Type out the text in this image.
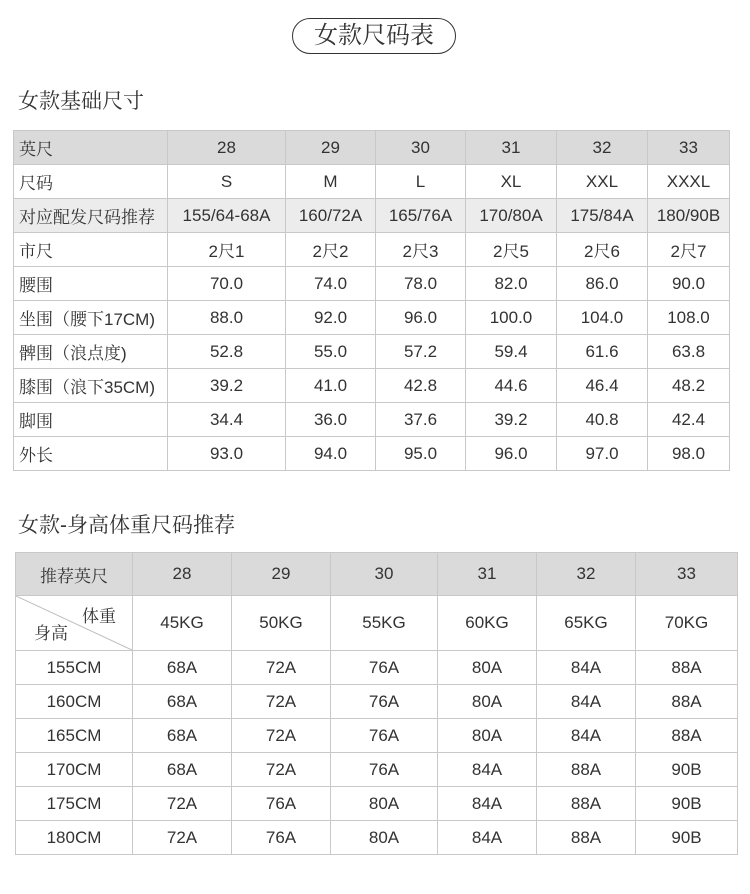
女款尺码表
女款基础尺寸
英尺	28	29	30	31	32	33
尺码	S	M	L	XL	XXL	XXXL
对应配发尺码推荐	155/64-68A	160/72A	165/76A	170/80A	175/84A	180/90B
市尺	2尺1	2尺2	2尺3	2尺5	2尺6	2尺7
腰围	70.0	74.0	78.0	82.0	86.0	90.0
坐围（腰下17CM)	88.0	92.0	96.0	100.0	104.0	108.0
髀围（浪点度)	52.8	55.0	57.2	59.4	61.6	63.8
膝围（浪下35CM)	39.2	41.0	42.8	44.6	46.4	48.2
脚围	34.4	36.0	37.6	39.2	40.8	42.4
外长	93.0	94.0	95.0	96.0	97.0	98.0
女款-身高体重尺码推荐
推荐英尺	28	29	30	31	32	33

体重
身高	45KG	50KG	55KG	60KG	65KG	70KG
155CM	68A	72A	76A	80A	84A	88A
160CM	68A	72A	76A	80A	84A	88A
165CM	68A	72A	76A	80A	84A	88A
170CM	68A	72A	76A	84A	88A	90B
175CM	72A	76A	80A	84A	88A	90B
180CM	72A	76A	80A	84A	88A	90B
